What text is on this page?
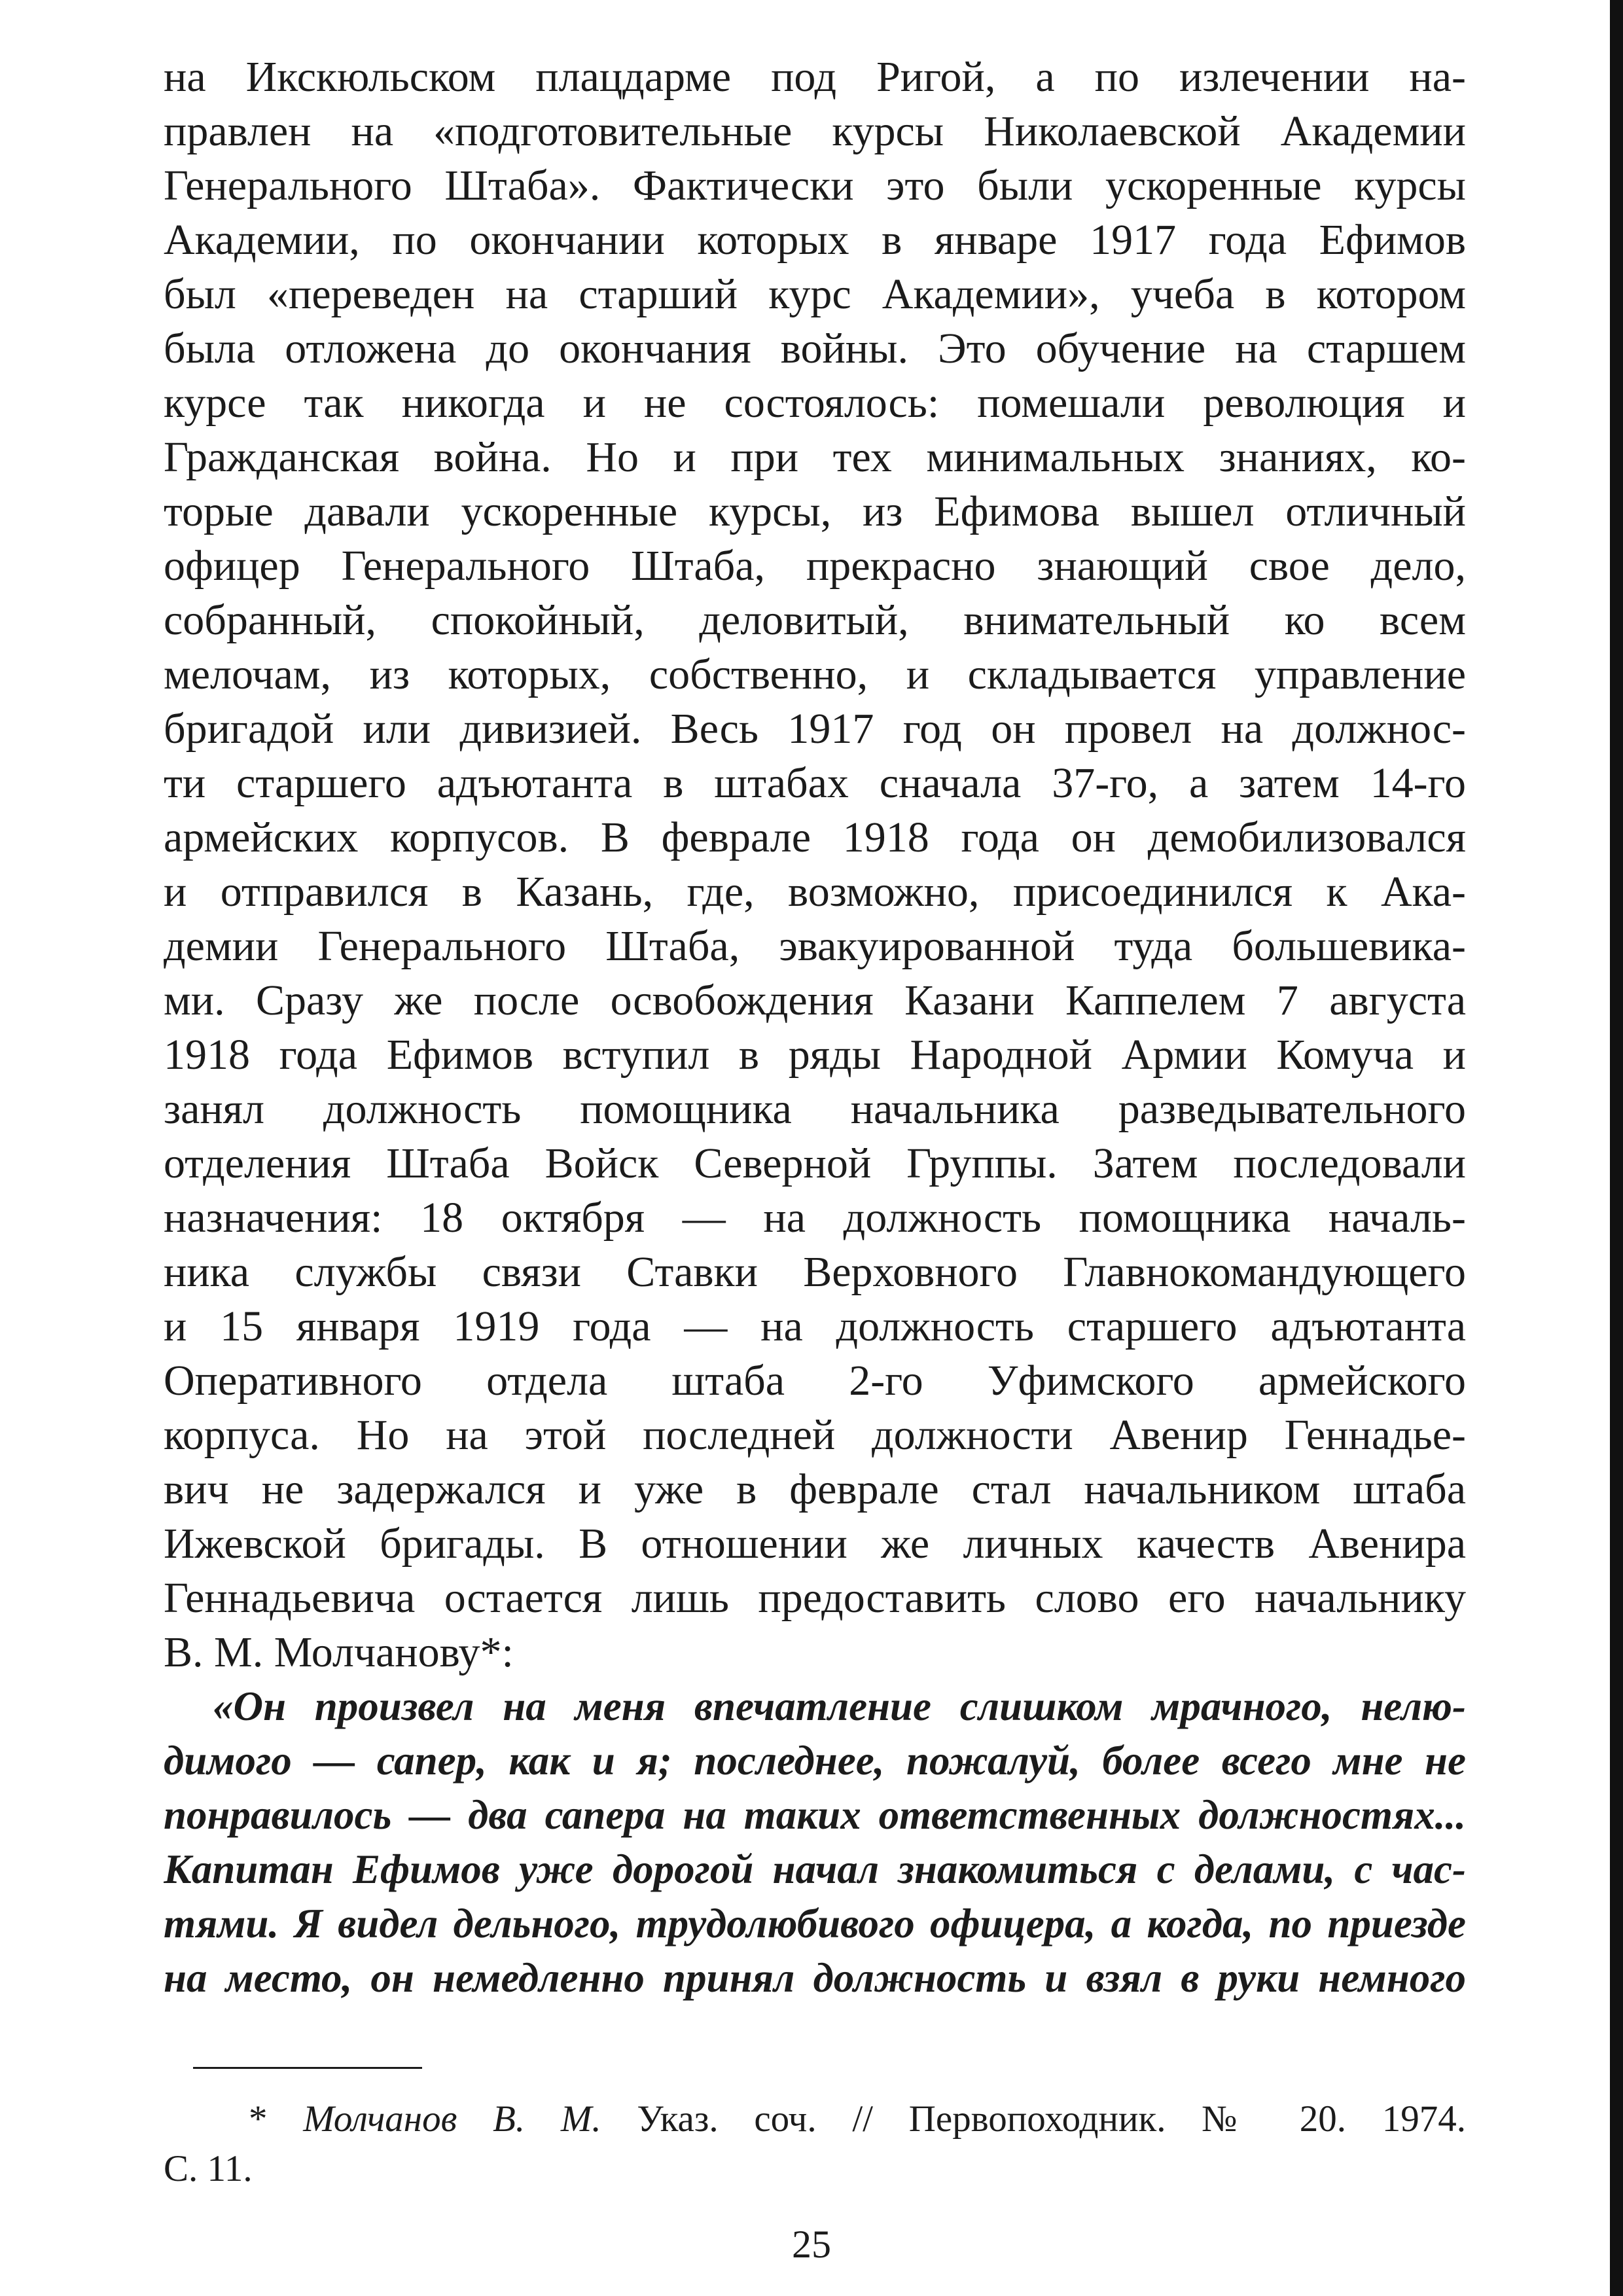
на Икскюльском плацдарме под Ригой, а по излечении на-
правлен на «подготовительные курсы Николаевской Академии
Генерального Штаба». Фактически это были ускоренные курсы
Академии, по окончании которых в январе 1917 года Ефимов
был «переведен на старший курс Академии», учеба в котором
была отложена до окончания войны. Это обучение на старшем
курсе так никогда и не состоялось: помешали революция и
Гражданская война. Но и при тех минимальных знаниях, ко-
торые давали ускоренные курсы, из Ефимова вышел отличный
офицер Генерального Штаба, прекрасно знающий свое дело,
собранный, спокойный, деловитый, внимательный ко всем
мелочам, из которых, собственно, и складывается управление
бригадой или дивизией. Весь 1917 год он провел на должнос-
ти старшего адъютанта в штабах сначала 37-го, а затем 14-го
армейских корпусов. В феврале 1918 года он демобилизовался
и отправился в Казань, где, возможно, присоединился к Ака-
демии Генерального Штаба, эвакуированной туда большевика-
ми. Сразу же после освобождения Казани Каппелем 7 августа
1918 года Ефимов вступил в ряды Народной Армии Комуча и
занял должность помощника начальника разведывательного
отделения Штаба Войск Северной Группы. Затем последовали
назначения: 18 октября — на должность помощника началь-
ника службы связи Ставки Верховного Главнокомандующего
и 15 января 1919 года — на должность старшего адъютанта
Оперативного отдела штаба 2-го Уфимского армейского
корпуса. Но на этой последней должности Авенир Геннадье-
вич не задержался и уже в феврале стал начальником штаба
Ижевской бригады. В отношении же личных качеств Авенира
Геннадьевича остается лишь предоставить слово его начальнику
В. М. Молчанову*:
«Он произвел на меня впечатление слишком мрачного, нелю-
димого — сапер, как и я; последнее, пожалуй, более всего мне не
понравилось — два сапера на таких ответственных должностях...
Капитан Ефимов уже дорогой начал знакомиться с делами, с час-
тями. Я видел дельного, трудолюбивого офицера, а когда, по приезде
на место, он немедленно принял должность и взял в руки немного
* Молчанов В. М. Указ. соч. // Первопоходник. № 20. 1974.
С. 11.
25
